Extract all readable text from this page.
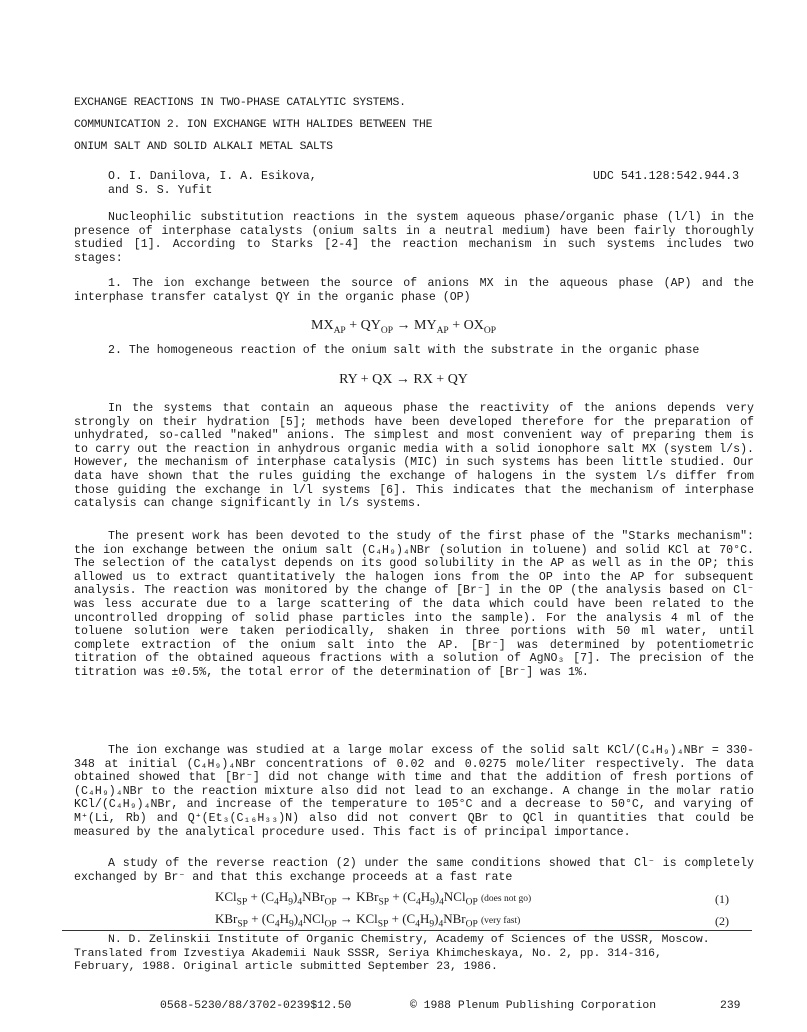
EXCHANGE REACTIONS IN TWO-PHASE CATALYTIC SYSTEMS.
COMMUNICATION 2. ION EXCHANGE WITH HALIDES BETWEEN THE
ONIUM SALT AND SOLID ALKALI METAL SALTS
O. I. Danilova, I. A. Esikova,
and S. S. Yufit
UDC 541.128:542.944.3
Nucleophilic substitution reactions in the system aqueous phase/organic phase (l/l) in the presence of interphase catalysts (onium salts in a neutral medium) have been fairly thoroughly studied [1]. According to Starks [2-4] the reaction mechanism in such systems includes two stages:
1. The ion exchange between the source of anions MX in the aqueous phase (AP) and the interphase transfer catalyst QY in the organic phase (OP)
$MX_{AP} + QY_{OP} \to MY_{AP} + OX_{OP}$
2. The homogeneous reaction of the onium salt with the substrate in the organic phase
RY + QX → RX + QY
In the systems that contain an aqueous phase the reactivity of the anions depends very strongly on their hydration [5]; methods have been developed therefore for the preparation of unhydrated, so-called "naked" anions. The simplest and most convenient way of preparing them is to carry out the reaction in anhydrous organic media with a solid ionophore salt MX (system l/s). However, the mechanism of interphase catalysis (MIC) in such systems has been little studied. Our data have shown that the rules guiding the exchange of halogens in the system l/s differ from those guiding the exchange in l/l systems [6]. This indicates that the mechanism of interphase catalysis can change significantly in l/s systems.
The present work has been devoted to the study of the first phase of the "Starks mechanism": the ion exchange between the onium salt (C₄H₉)₄NBr (solution in toluene) and solid KCl at 70°C. The selection of the catalyst depends on its good solubility in the AP as well as in the OP; this allowed us to extract quantitatively the halogen ions from the OP into the AP for subsequent analysis. The reaction was monitored by the change of [Br⁻] in the OP (the analysis based on Cl⁻ was less accurate due to a large scattering of the data which could have been related to the uncontrolled dropping of solid phase particles into the sample). For the analysis 4 ml of the toluene solution were taken periodically, shaken in three portions with 50 ml water, until complete extraction of the onium salt into the AP. [Br⁻] was determined by potentiometric titration of the obtained aqueous fractions with a solution of AgNO₃ [7]. The precision of the titration was ±0.5%, the total error of the determination of [Br⁻] was 1%.
The ion exchange was studied at a large molar excess of the solid salt KCl/(C₄H₉)₄NBr = 330-348 at initial (C₄H₉)₄NBr concentrations of 0.02 and 0.0275 mole/liter respectively. The data obtained showed that [Br⁻] did not change with time and that the addition of fresh portions of (C₄H₉)₄NBr to the reaction mixture also did not lead to an exchange. A change in the molar ratio KCl/(C₄H₉)₄NBr, and increase of the temperature to 105°C and a decrease to 50°C, and varying of M⁺(Li, Rb) and Q⁺(Et₃(C₁₆H₃₃)N) also did not convert QBr to QCl in quantities that could be measured by the analytical procedure used. This fact is of principal importance.
A study of the reverse reaction (2) under the same conditions showed that Cl⁻ is completely exchanged by Br⁻ and that this exchange proceeds at a fast rate
$KCl_{SP} + (C_4H_9)_4NBr_{OP} \to KBr_{SP} + (C_4H_9)_4NCl_{OP}$ (does not go)	(1)
$KBr_{SP} + (C_4H_9)_4NCl_{OP} \to KCl_{SP} + (C_4H_9)_4NBr_{OP}$ (very fast)	(2)
N. D. Zelinskii Institute of Organic Chemistry, Academy of Sciences of the USSR, Moscow.
Translated from Izvestiya Akademii Nauk SSSR, Seriya Khimcheskaya, No. 2, pp. 314-316,
February, 1988. Original article submitted September 23, 1986.
0568-5230/88/3702-0239$12.50	© 1988 Plenum Publishing Corporation	239
